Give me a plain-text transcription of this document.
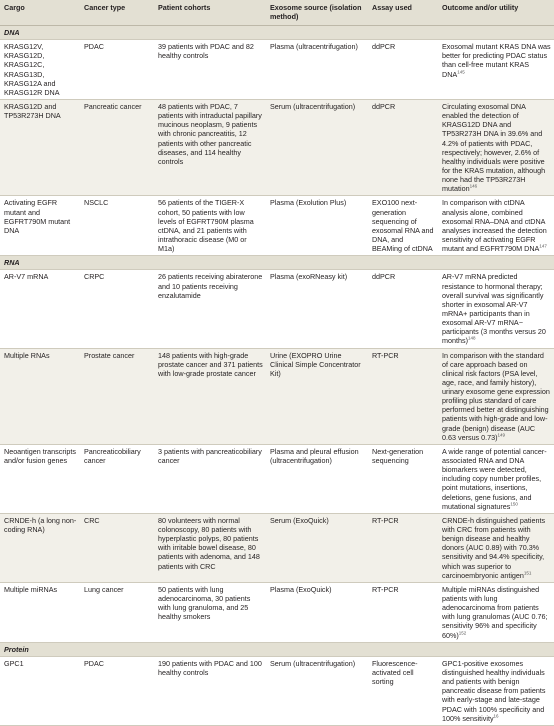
Cargo	Cancer type	Patient cohorts	Exosome source (isolation method)	Assay used	Outcome and/or utility
DNA					
KRASG12V, KRASG12D, KRASG12C, KRASG13D, KRASG12A and KRASG12R DNA	PDAC	39 patients with PDAC and 82 healthy controls	Plasma (ultracentrifugation)	ddPCR	Exosomal mutant KRAS DNA was better for predicting PDAC status than cell-free mutant KRAS DNA$^{145}$
KRASG12D and TP53R273H DNA	Pancreatic cancer	48 patients with PDAC, 7 patients with intraductal papillary mucinous neoplasm, 9 patients with chronic pancreatitis, 12 patients with other pancreatic diseases, and 114 healthy controls	Serum (ultracentrifugation)	ddPCR	Circulating exosomal DNA enabled the detection of KRASG12D DNA and TP53R273H DNA in 39.6% and 4.2% of patients with PDAC, respectively; however, 2.6% of healthy individuals were positive for the KRAS mutation, although none had the TP53R273H mutation$^{146}$
Activating EGFR mutant and EGFRT790M mutant DNA	NSCLC	56 patients of the TIGER-X cohort, 50 patients with low levels of EGFRT790M plasma ctDNA, and 21 patients with intrathoracic disease (M0 or M1a)	Plasma (Exolution Plus)	EXO100 next-generation sequencing of exosomal RNA and DNA, and BEAMing of ctDNA	In comparison with ctDNA analysis alone, combined exosomal RNA–DNA and ctDNA analyses increased the detection sensitivity of activating EGFR mutant and EGFRT790M DNA$^{147}$
RNA					
AR-V7 mRNA	CRPC	26 patients receiving abiraterone and 10 patients receiving enzalutamide	Plasma (exoRNeasy kit)	ddPCR	AR-V7 mRNA predicted resistance to hormonal therapy; overall survival was significantly shorter in exosomal AR-V7 mRNA+ participants than in exosomal AR-V7 mRNA− participants (3 months versus 20 months)$^{148}$
Multiple RNAs	Prostate cancer	148 patients with high-grade prostate cancer and 371 patients with low-grade prostate cancer	Urine (EXOPRO Urine Clinical Simple Concentrator Kit)	RT-PCR	In comparison with the standard of care approach based on clinical risk factors (PSA level, age, race, and family history), urinary exosome gene expression profiling plus standard of care performed better at distinguishing patients with high-grade and low-grade (benign) disease (AUC 0.63 versus 0.73)$^{149}$
Neoantigen transcripts and/or fusion genes	Pancreaticobiliary cancer	3 patients with pancreaticobiliary cancer	Plasma and pleural effusion (ultracentrifugation)	Next-generation sequencing	A wide range of potential cancer-associated RNA and DNA biomarkers were detected, including copy number profiles, point mutations, insertions, deletions, gene fusions, and mutational signatures$^{150}$
CRNDE-h (a long non-coding RNA)	CRC	80 volunteers with normal colonoscopy, 80 patients with hyperplastic polyps, 80 patients with irritable bowel disease, 80 patients with adenoma, and 148 patients with CRC	Serum (ExoQuick)	RT-PCR	CRNDE-h distinguished patients with CRC from patients with benign disease and healthy donors (AUC 0.89) with 70.3% sensitivity and 94.4% specificity, which was superior to carcinoembryonic antigen$^{151}$
Multiple miRNAs	Lung cancer	50 patients with lung adenocarcinoma, 30 patients with lung granuloma, and 25 healthy smokers	Plasma (ExoQuick)	RT-PCR	Multiple miRNAs distinguished patients with lung adenocarcinoma from patients with lung granulomas (AUC 0.76; sensitivity 96% and specificity 60%)$^{152}$
Protein					
GPC1	PDAC	190 patients with PDAC and 100 healthy controls	Serum (ultracentrifugation)	Fluorescence-activated cell sorting	GPC1-positive exosomes distinguished healthy individuals and patients with benign pancreatic disease from patients with early-stage and late-stage PDAC with 100% specificity and 100% sensitivity$^{16}$
